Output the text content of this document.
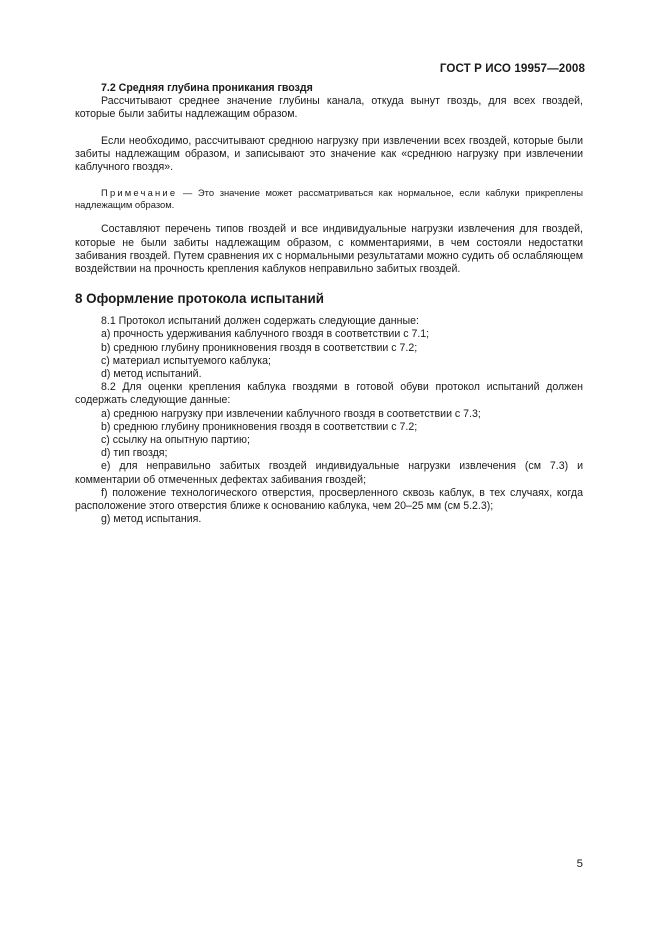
ГОСТ Р ИСО 19957—2008

7.2 Средняя глубина проникания гвоздя

Рассчитывают среднее значение глубины канала, откуда вынут гвоздь, для всех гвоздей, которые были забиты надлежащим образом.

Если необходимо, рассчитывают среднюю нагрузку при извлечении всех гвоздей, которые были забиты надлежащим образом, и записывают это значение как «среднюю нагрузку при извлечении каблучного гвоздя».

Примечание — Это значение может рассматриваться как нормальное, если каблуки прикреплены надлежащим образом.

Составляют перечень типов гвоздей и все индивидуальные нагрузки извлечения для гвоздей, которые не были забиты надлежащим образом, с комментариями, в чем состояли недостатки забивания гвоздей. Путем сравнения их с нормальными результатами можно судить об ослабляющем воздействии на прочность крепления каблуков неправильно забитых гвоздей.

8 Оформление протокола испытаний

8.1 Протокол испытаний должен содержать следующие данные:

a) прочность удерживания каблучного гвоздя в соответствии с 7.1;

b) среднюю глубину проникновения гвоздя в соответствии с 7.2;

c) материал испытуемого каблука;

d) метод испытаний.

8.2 Для оценки крепления каблука гвоздями в готовой обуви протокол испытаний должен содержать следующие данные:

a) среднюю нагрузку при извлечении каблучного гвоздя в соответствии с 7.3;

b) среднюю глубину проникновения гвоздя в соответствии с 7.2;

c) ссылку на опытную партию;

d) тип гвоздя;

e) для неправильно забитых гвоздей индивидуальные нагрузки извлечения (см 7.3) и комментарии об отмеченных дефектах забивания гвоздей;

f) положение технологического отверстия, просверленного сквозь каблук, в тех случаях, когда расположение этого отверстия ближе к основанию каблука, чем 20–25 мм (см 5.2.3);

g) метод испытания.

5
